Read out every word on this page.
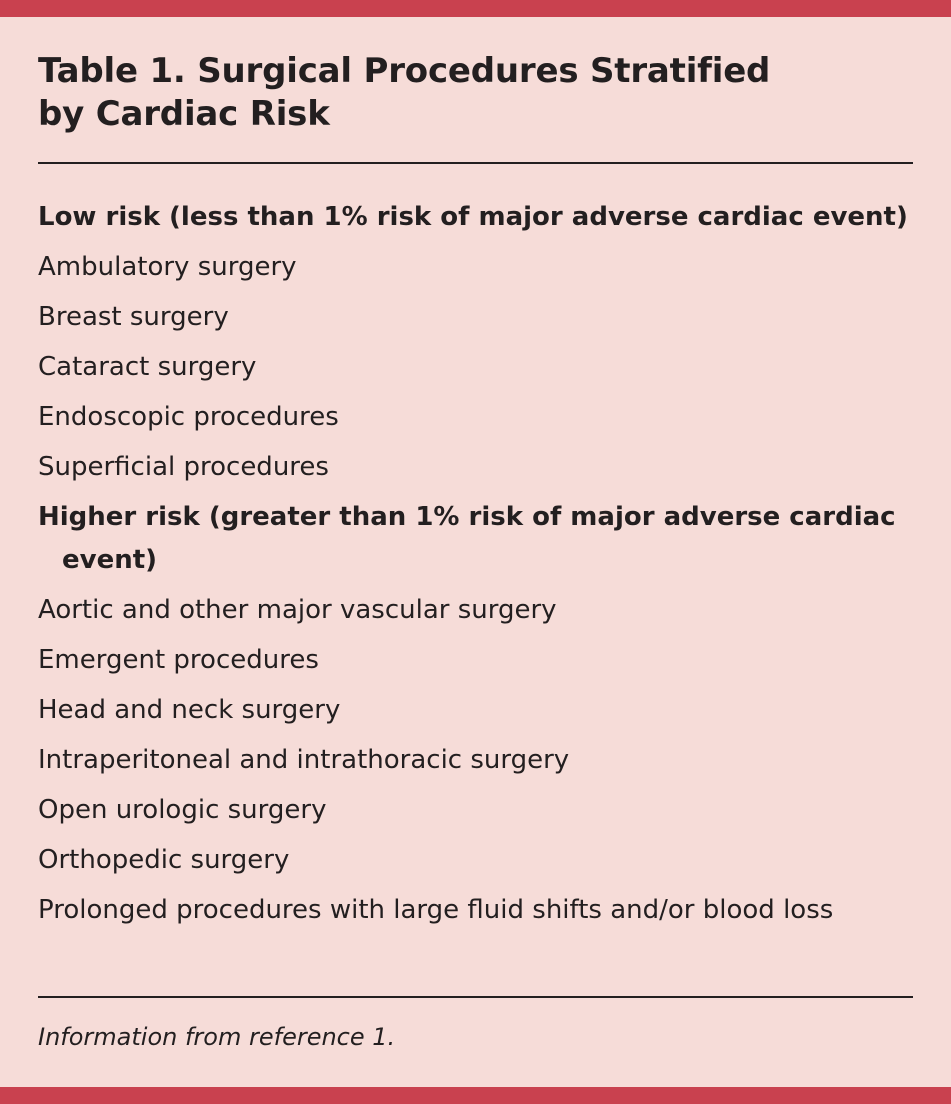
Table 1. Surgical Procedures Stratified
by Cardiac Risk
Low risk (less than 1% risk of major adverse cardiac event)
Ambulatory surgery
Breast surgery
Cataract surgery
Endoscopic procedures
Superficial procedures
Higher risk (greater than 1% risk of major adverse cardiac event)
Aortic and other major vascular surgery
Emergent procedures
Head and neck surgery
Intraperitoneal and intrathoracic surgery
Open urologic surgery
Orthopedic surgery
Prolonged procedures with large fluid shifts and/or blood loss
Information from reference 1.
